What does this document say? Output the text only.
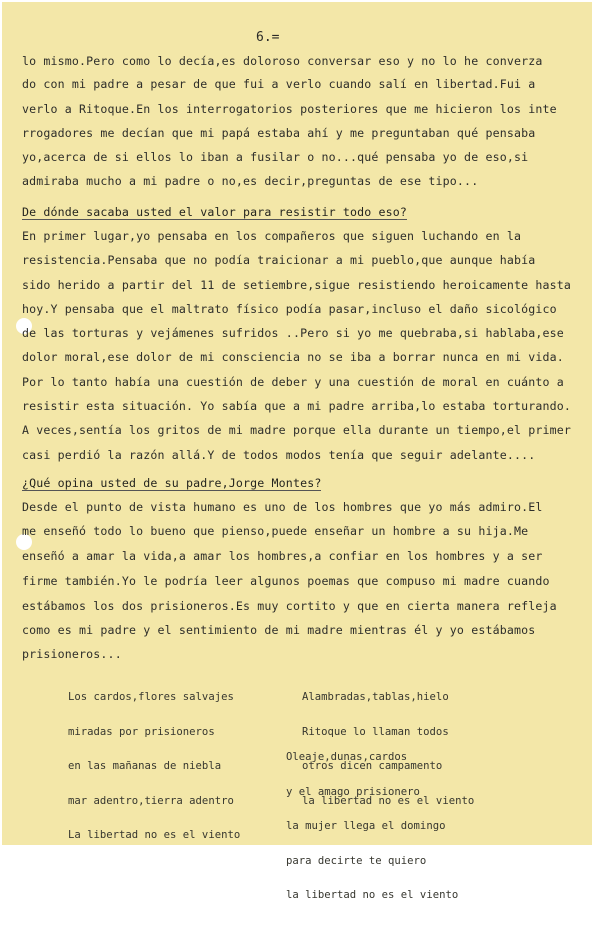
6.=
lo mismo.Pero como lo decía,es doloroso conversar eso y no lo he converza
do con mi padre a pesar de que fui a verlo cuando salí en libertad.Fui a
verlo a Ritoque.En los interrogatorios posteriores que me hicieron los inte
rrogadores me decían que mi papá estaba ahí y me preguntaban qué pensaba
yo,acerca de si ellos lo iban a fusilar o no...qué pensaba yo de eso,si
admiraba mucho a mi padre o no,es decir,preguntas de ese tipo...
De dónde sacaba usted el valor para resistir todo eso?
En primer lugar,yo pensaba en los compañeros que siguen luchando en la
resistencia.Pensaba que no podía traicionar a mi pueblo,que aunque había
sido herido a partir del 11 de setiembre,sigue resistiendo heroicamente hasta
hoy.Y pensaba que el maltrato físico podía pasar,incluso el daño sicológico
de las torturas y vejámenes sufridos ..Pero si yo me quebraba,si hablaba,ese
dolor moral,ese dolor de mi consciencia no se iba a borrar nunca en mi vida.
Por lo tanto había una cuestión de deber y una cuestión de moral en cuánto a
resistir esta situación. Yo sabía que a mi padre arriba,lo estaba torturando.
A veces,sentía los gritos de mi madre porque ella durante un tiempo,el primer
casi perdió la razón allá.Y de todos modos tenía que seguir adelante....
¿Qué opina usted de su padre,Jorge Montes?
Desde el punto de vista humano es uno de los hombres que yo más admiro.El
me enseñó todo lo bueno que pienso,puede enseñar un hombre a su hija.Me
enseñó a amar la vida,a amar los hombres,a confiar en los hombres y a ser
firme también.Yo le podría leer algunos poemas que compuso mi madre cuando
estábamos los dos prisioneros.Es muy cortito y que en cierta manera refleja
como es mi padre y el sentimiento de mi madre mientras él y yo estábamos
prisioneros...

Los cardos,flores salvajes

miradas por prisioneros

en las mañanas de niebla

mar adentro,tierra adentro

La libertad no es el viento

Alambradas,tablas,hielo

Ritoque lo llaman todos

otros dicen campamento

la libertad no es el viento

Oleaje,dunas,cardos

y el amago prisionero

la mujer llega el domingo

para decirte te quiero

la libertad no es el viento
